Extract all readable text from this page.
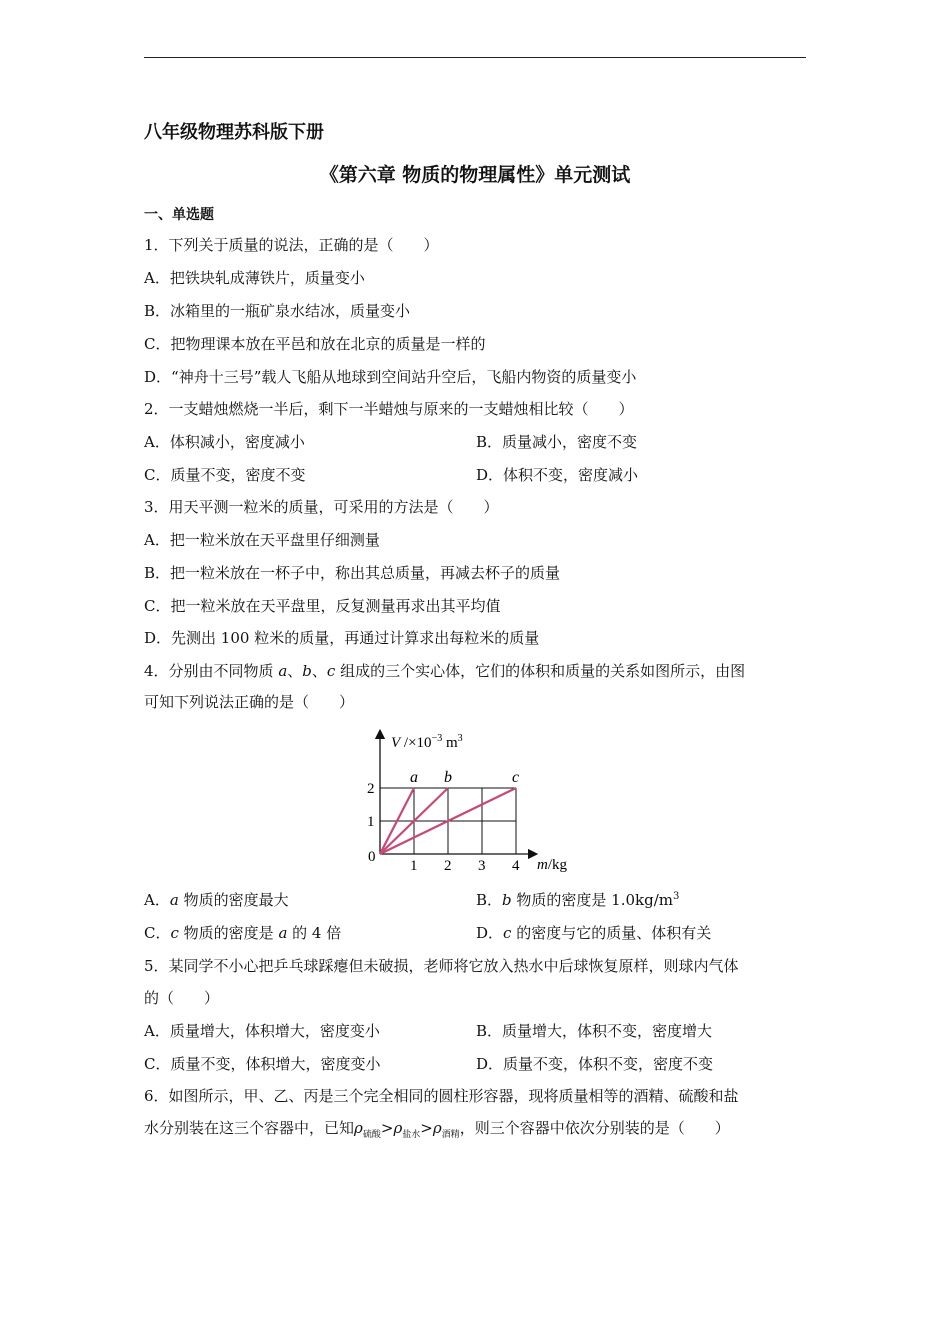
八年级物理苏科版下册
《第六章 物质的物理属性》单元测试
一、单选题
1．下列关于质量的说法，正确的是（　　）
A．把铁块轧成薄铁片，质量变小
B．冰箱里的一瓶矿泉水结冰，质量变小
C．把物理课本放在平邑和放在北京的质量是一样的
D．“神舟十三号”载人飞船从地球到空间站升空后，飞船内物资的质量变小
2．一支蜡烛燃烧一半后，剩下一半蜡烛与原来的一支蜡烛相比较（　　）
A．体积减小，密度减小	B．质量减小，密度不变
C．质量不变，密度不变	D．体积不变，密度减小
3．用天平测一粒米的质量，可采用的方法是（　　）
A．把一粒米放在天平盘里仔细测量
B．把一粒米放在一杯子中，称出其总质量，再减去杯子的质量
C．把一粒米放在天平盘里，反复测量再求出其平均值
D．先测出 100 粒米的质量，再通过计算求出每粒米的质量
4．分别由不同物质 a、b、c 组成的三个实心体，它们的体积和质量的关系如图所示，由图
可知下列说法正确的是（　　）
a b	c
1 2 3 4
1
2
V $/\times 10^{-3}$ $m^3$
m/kg
0
A．a 物质的密度最大	B．b 物质的密度是 $1.0kg/m^3$
C．c 物质的密度是 a 的 4 倍	D．c 的密度与它的质量、体积有关
5．某同学不小心把乒乓球踩瘪但未破损，老师将它放入热水中后球恢复原样，则球内气体
的（　　）
A．质量增大，体积增大，密度变小	B．质量增大，体积不变，密度增大
C．质量不变，体积增大，密度变小	D．质量不变，体积不变，密度不变
6．如图所示，甲、乙、丙是三个完全相同的圆柱形容器，现将质量相等的酒精、硫酸和盐
水分别装在这三个容器中，已知$\rho_{硫酸}>\rho_{盐水}>\rho_{酒精}$，则三个容器中依次分别装的是（　　）
